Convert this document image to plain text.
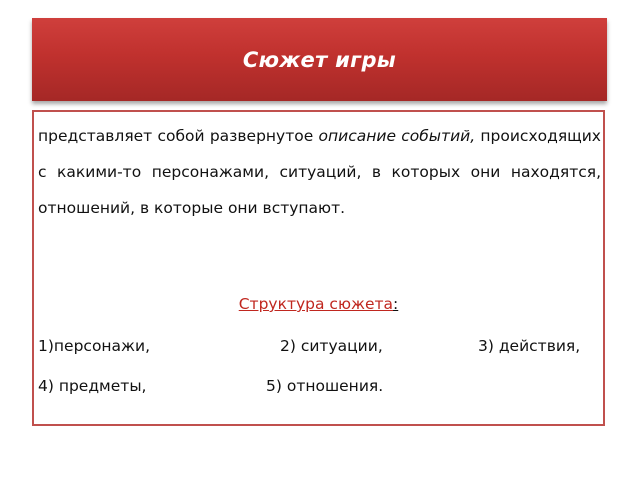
Сюжет игры

представляет собой развернутое описание событий, происходящих с какими-то персонажами, ситуаций, в которых они находятся, отношений, в которые они вступают.

Структура сюжета:
1)персонажи,	2) ситуации,	3) действия,
4) предметы,	5) отношения.
